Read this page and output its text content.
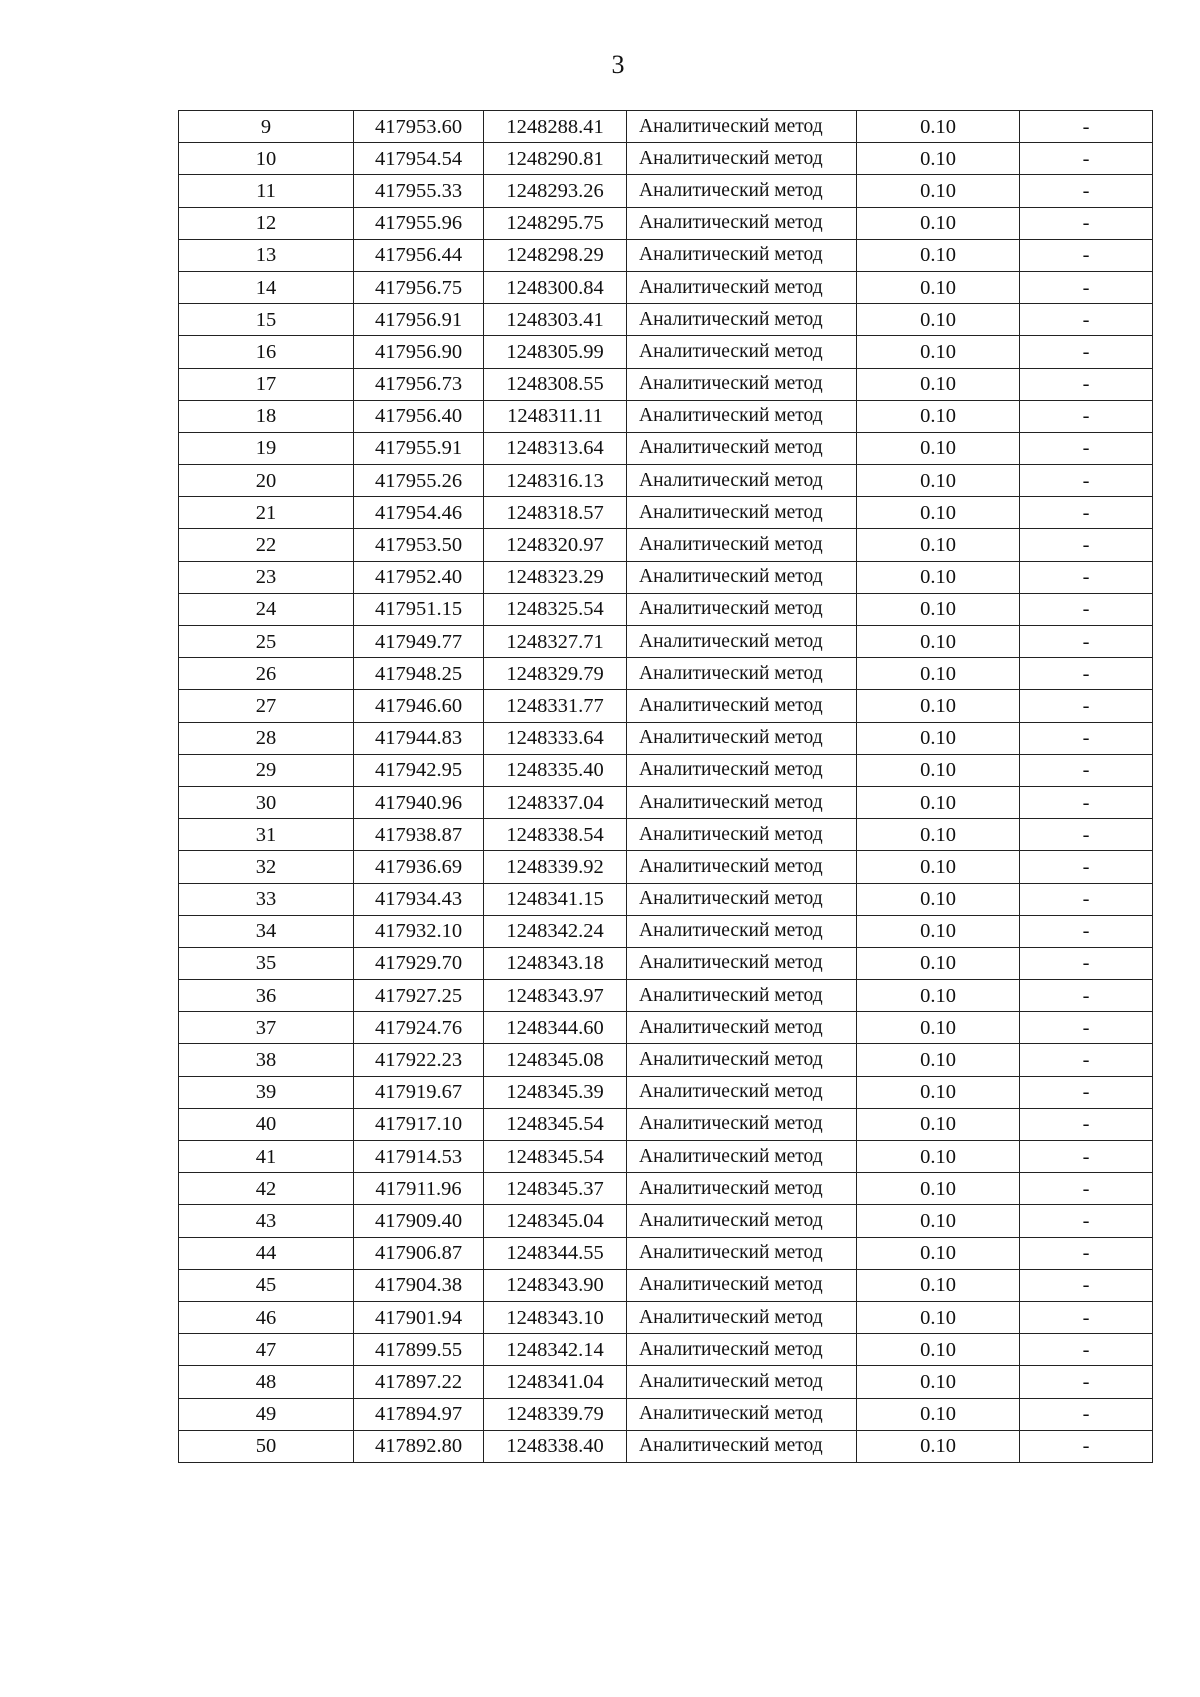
3
9	417953.60	1248288.41	Аналитический метод	0.10	-
10	417954.54	1248290.81	Аналитический метод	0.10	-
11	417955.33	1248293.26	Аналитический метод	0.10	-
12	417955.96	1248295.75	Аналитический метод	0.10	-
13	417956.44	1248298.29	Аналитический метод	0.10	-
14	417956.75	1248300.84	Аналитический метод	0.10	-
15	417956.91	1248303.41	Аналитический метод	0.10	-
16	417956.90	1248305.99	Аналитический метод	0.10	-
17	417956.73	1248308.55	Аналитический метод	0.10	-
18	417956.40	1248311.11	Аналитический метод	0.10	-
19	417955.91	1248313.64	Аналитический метод	0.10	-
20	417955.26	1248316.13	Аналитический метод	0.10	-
21	417954.46	1248318.57	Аналитический метод	0.10	-
22	417953.50	1248320.97	Аналитический метод	0.10	-
23	417952.40	1248323.29	Аналитический метод	0.10	-
24	417951.15	1248325.54	Аналитический метод	0.10	-
25	417949.77	1248327.71	Аналитический метод	0.10	-
26	417948.25	1248329.79	Аналитический метод	0.10	-
27	417946.60	1248331.77	Аналитический метод	0.10	-
28	417944.83	1248333.64	Аналитический метод	0.10	-
29	417942.95	1248335.40	Аналитический метод	0.10	-
30	417940.96	1248337.04	Аналитический метод	0.10	-
31	417938.87	1248338.54	Аналитический метод	0.10	-
32	417936.69	1248339.92	Аналитический метод	0.10	-
33	417934.43	1248341.15	Аналитический метод	0.10	-
34	417932.10	1248342.24	Аналитический метод	0.10	-
35	417929.70	1248343.18	Аналитический метод	0.10	-
36	417927.25	1248343.97	Аналитический метод	0.10	-
37	417924.76	1248344.60	Аналитический метод	0.10	-
38	417922.23	1248345.08	Аналитический метод	0.10	-
39	417919.67	1248345.39	Аналитический метод	0.10	-
40	417917.10	1248345.54	Аналитический метод	0.10	-
41	417914.53	1248345.54	Аналитический метод	0.10	-
42	417911.96	1248345.37	Аналитический метод	0.10	-
43	417909.40	1248345.04	Аналитический метод	0.10	-
44	417906.87	1248344.55	Аналитический метод	0.10	-
45	417904.38	1248343.90	Аналитический метод	0.10	-
46	417901.94	1248343.10	Аналитический метод	0.10	-
47	417899.55	1248342.14	Аналитический метод	0.10	-
48	417897.22	1248341.04	Аналитический метод	0.10	-
49	417894.97	1248339.79	Аналитический метод	0.10	-
50	417892.80	1248338.40	Аналитический метод	0.10	-
